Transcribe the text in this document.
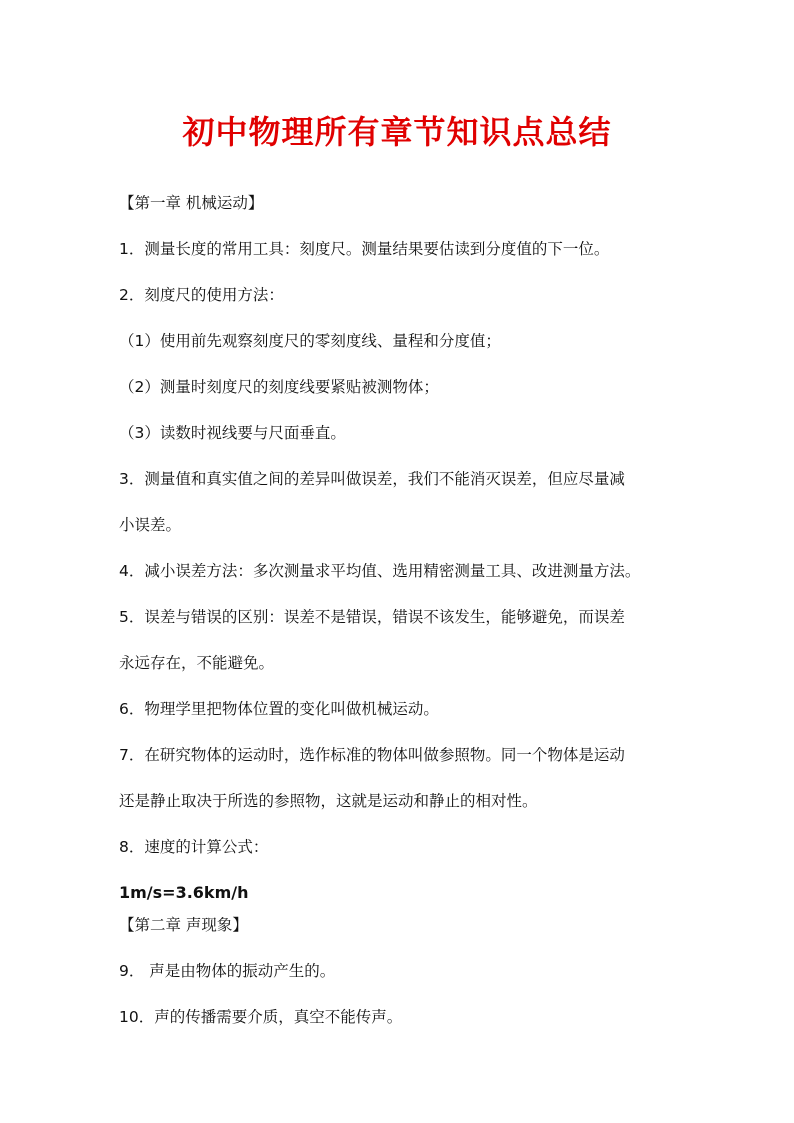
初中物理所有章节知识点总结

【第一章 机械运动】

1．测量长度的常用工具：刻度尺。测量结果要估读到分度值的下一位。

2．刻度尺的使用方法：

（1）使用前先观察刻度尺的零刻度线、量程和分度值；

（2）测量时刻度尺的刻度线要紧贴被测物体；

（3）读数时视线要与尺面垂直。

3．测量值和真实值之间的差异叫做误差，我们不能消灭误差，但应尽量减

小误差。

4．减小误差方法：多次测量求平均值、选用精密测量工具、改进测量方法。

5．误差与错误的区别：误差不是错误，错误不该发生，能够避免，而误差

永远存在，不能避免。

6．物理学里把物体位置的变化叫做机械运动。

7．在研究物体的运动时，选作标准的物体叫做参照物。同一个物体是运动

还是静止取决于所选的参照物，这就是运动和静止的相对性。

8．速度的计算公式：

1m/s=3.6km/h

【第二章 声现象】

9． 声是由物体的振动产生的。

10．声的传播需要介质，真空不能传声。
